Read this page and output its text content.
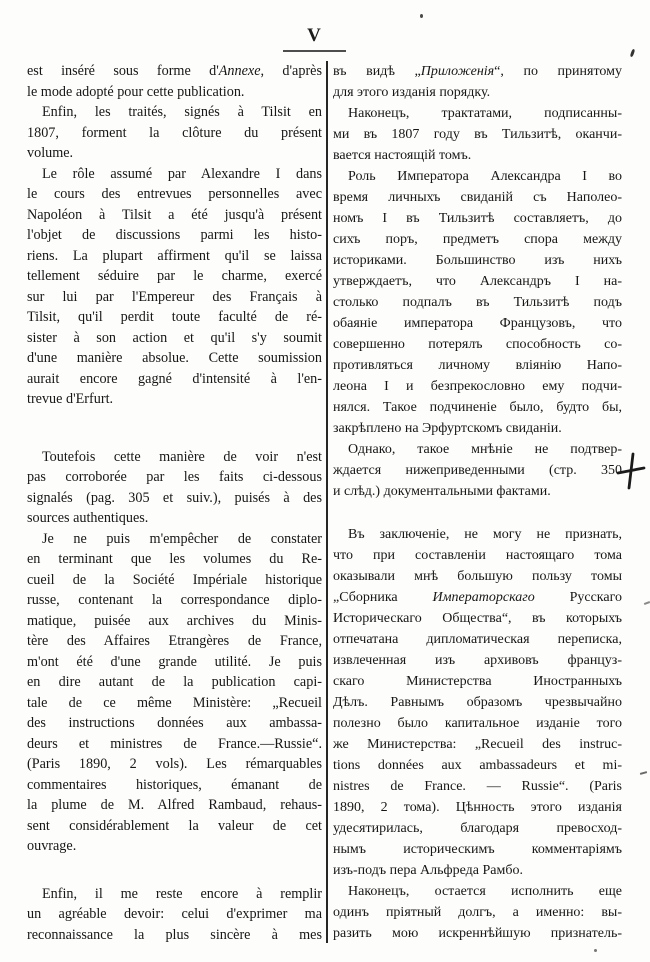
V
est inséré sous forme d'Annexe, d'après
le mode adopté pour cette publication.
Enfin, les traités, signés à Tilsit en
1807, forment la clôture du présent
volume.
Le rôle assumé par Alexandre I dans
le cours des entrevues personnelles avec
Napoléon à Tilsit a été jusqu'à présent
l'objet de discussions parmi les histo-
riens. La plupart affirment qu'il se laissa
tellement séduire par le charme, exercé
sur lui par l'Empereur des Français à
Tilsit, qu'il perdit toute faculté de ré-
sister à son action et qu'il s'y soumit
d'une manière absolue. Cette soumission
aurait encore gagné d'intensité à l'en-
trevue d'Erfurt.
Toutefois cette manière de voir n'est
pas corroborée par les faits ci-dessous
signalés (pag. 305 et suiv.), puisés à des
sources authentiques.
Je ne puis m'empêcher de constater
en terminant que les volumes du Re-
cueil de la Société Impériale historique
russe, contenant la correspondance diplo-
matique, puisée aux archives du Minis-
tère des Affaires Etrangères de France,
m'ont été d'une grande utilité. Je puis
en dire autant de la publication capi-
tale de ce même Ministère: „Recueil
des instructions données aux ambassa-
deurs et ministres de France.—Russie“.
(Paris 1890, 2 vols). Les rémarquables
commentaires historiques, émanant de
la plume de M. Alfred Rambaud, rehaus-
sent considérablement la valeur de cet
ouvrage.
Enfin, il me reste encore à remplir
un agréable devoir: celui d'exprimer ma
reconnaissance la plus sincère à mes
въ видѣ „Приложенія“, по принятому
для этого изданія порядку.
Наконецъ, трактатами, подписанны-
ми въ 1807 году въ Тильзитѣ, оканчи-
вается настоящій томъ.
Роль Императора Александра I во
время личныхъ свиданій съ Наполео-
номъ I въ Тильзитѣ составляетъ, до
сихъ поръ, предметъ спора между
историками. Большинство изъ нихъ
утверждаетъ, что Александръ I на-
столько подпалъ въ Тильзитѣ подъ
обаяніе императора Французовъ, что
совершенно потерялъ способность со-
противляться личному вліянію Напо-
леона I и безпрекословно ему подчи-
нялся. Такое подчиненіе было, будто бы,
закрѣплено на Эрфуртскомъ свиданіи.
Однако, такое мнѣніе не подтвер-
ждается нижеприведенными (стр. 350
и слѣд.) документальными фактами.
Въ заключеніе, не могу не признать,
что при составленіи настоящаго тома
оказывали мнѣ большую пользу томы
„Сборника Императорскаго Русскаго
Историческаго Общества“, въ которыхъ
отпечатана дипломатическая переписка,
извлеченная изъ архивовъ француз-
скаго Министерства Иностранныхъ
Дѣлъ. Равнымъ образомъ чрезвычайно
полезно было капитальное изданіе того
же Министерства: „Recueil des instruc-
tions données aux ambassadeurs et mi-
nistres de France. — Russie“. (Paris
1890, 2 тома). Цѣнность этого изданія
удесятирилась, благодаря превосход-
нымъ историческимъ комментаріямъ
изъ-подъ пера Альфреда Рамбо.
Наконецъ, остается исполнить еще
одинъ пріятный долгъ, а именно: вы-
разить мою искреннѣйшую признатель-
